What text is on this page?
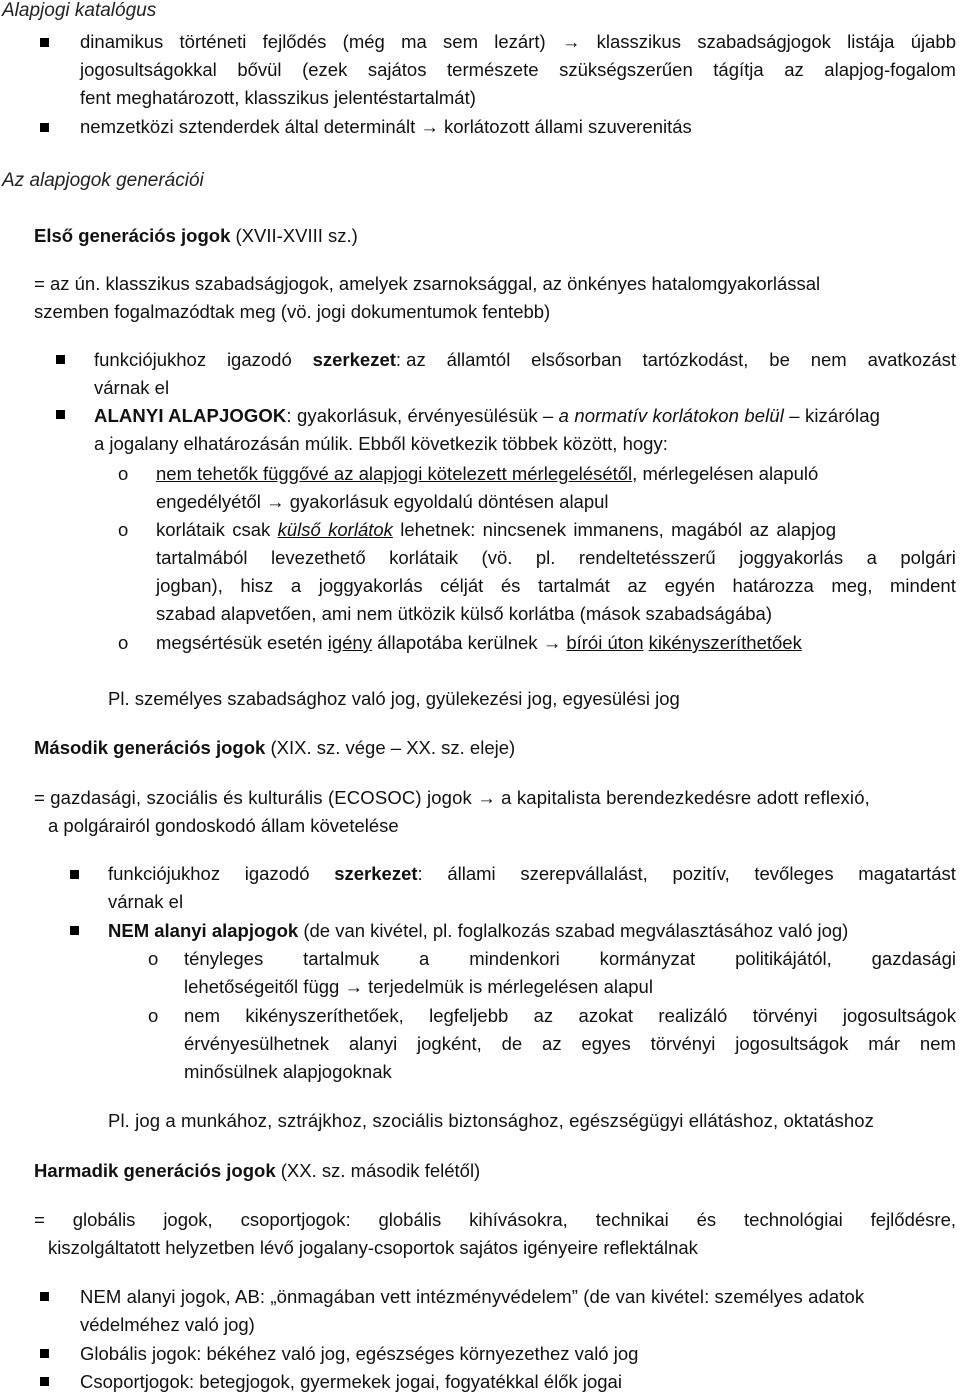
Alapjogi katalógus
dinamikus történeti fejlődés (még ma sem lezárt) → klasszikus szabadságjogok listája újabb
jogosultságokkal bővül (ezek sajátos természete szükségszerűen tágítja az alapjog-fogalom
fent meghatározott, klasszikus jelentéstartalmát)
nemzetközi sztenderdek által determinált → korlátozott állami szuverenitás
Az alapjogok generációi
Első generációs jogok (XVII-XVIII sz.)
= az ún. klasszikus szabadságjogok, amelyek zsarnoksággal, az önkényes hatalomgyakorlással
szemben fogalmazódtak meg (vö. jogi dokumentumok fentebb)
funkciójukhoz igazodó szerkezet: az államtól elsősorban tartózkodást, be nem avatkozást
várnak el
ALANYI ALAPJOGOK: gyakorlásuk, érvényesülésük – a normatív korlátokon belül – kizárólag
a jogalany elhatározásán múlik. Ebből következik többek között, hogy:
o nem tehetők függővé az alapjogi kötelezett mérlegelésétől, mérlegelésen alapuló
engedélyétől → gyakorlásuk egyoldalú döntésen alapul
o korlátaik csak külső korlátok lehetnek: nincsenek immanens, magából az alapjog
tartalmából levezethető korlátaik (vö. pl. rendeltetésszerű joggyakorlás a polgári
jogban), hisz a joggyakorlás célját és tartalmát az egyén határozza meg, mindent
szabad alapvetően, ami nem ütközik külső korlátba (mások szabadságába)
o megsértésük esetén igény állapotába kerülnek → bírói úton kikényszeríthetőek
Pl. személyes szabadsághoz való jog, gyülekezési jog, egyesülési jog
Második generációs jogok (XIX. sz. vége – XX. sz. eleje)
= gazdasági, szociális és kulturális (ECOSOC) jogok → a kapitalista berendezkedésre adott reflexió,
a polgárairól gondoskodó állam követelése
funkciójukhoz igazodó szerkezet: állami szerepvállalást, pozitív, tevőleges magatartást
várnak el
NEM alanyi alapjogok (de van kivétel, pl. foglalkozás szabad megválasztásához való jog)
o tényleges tartalmuk a mindenkori kormányzat politikájától, gazdasági
lehetőségeitől függ → terjedelmük is mérlegelésen alapul
o nem kikényszeríthetőek, legfeljebb az azokat realizáló törvényi jogosultságok
érvényesülhetnek alanyi jogként, de az egyes törvényi jogosultságok már nem
minősülnek alapjogoknak
Pl. jog a munkához, sztrájkhoz, szociális biztonsághoz, egészségügyi ellátáshoz, oktatáshoz
Harmadik generációs jogok (XX. sz. második felétől)
= globális jogok, csoportjogok: globális kihívásokra, technikai és technológiai fejlődésre,
kiszolgáltatott helyzetben lévő jogalany-csoportok sajátos igényeire reflektálnak
NEM alanyi jogok, AB: „önmagában vett intézményvédelem” (de van kivétel: személyes adatok
védelméhez való jog)
Globális jogok: békéhez való jog, egészséges környezethez való jog
Csoportjogok: betegjogok, gyermekek jogai, fogyatékkal élők jogai
